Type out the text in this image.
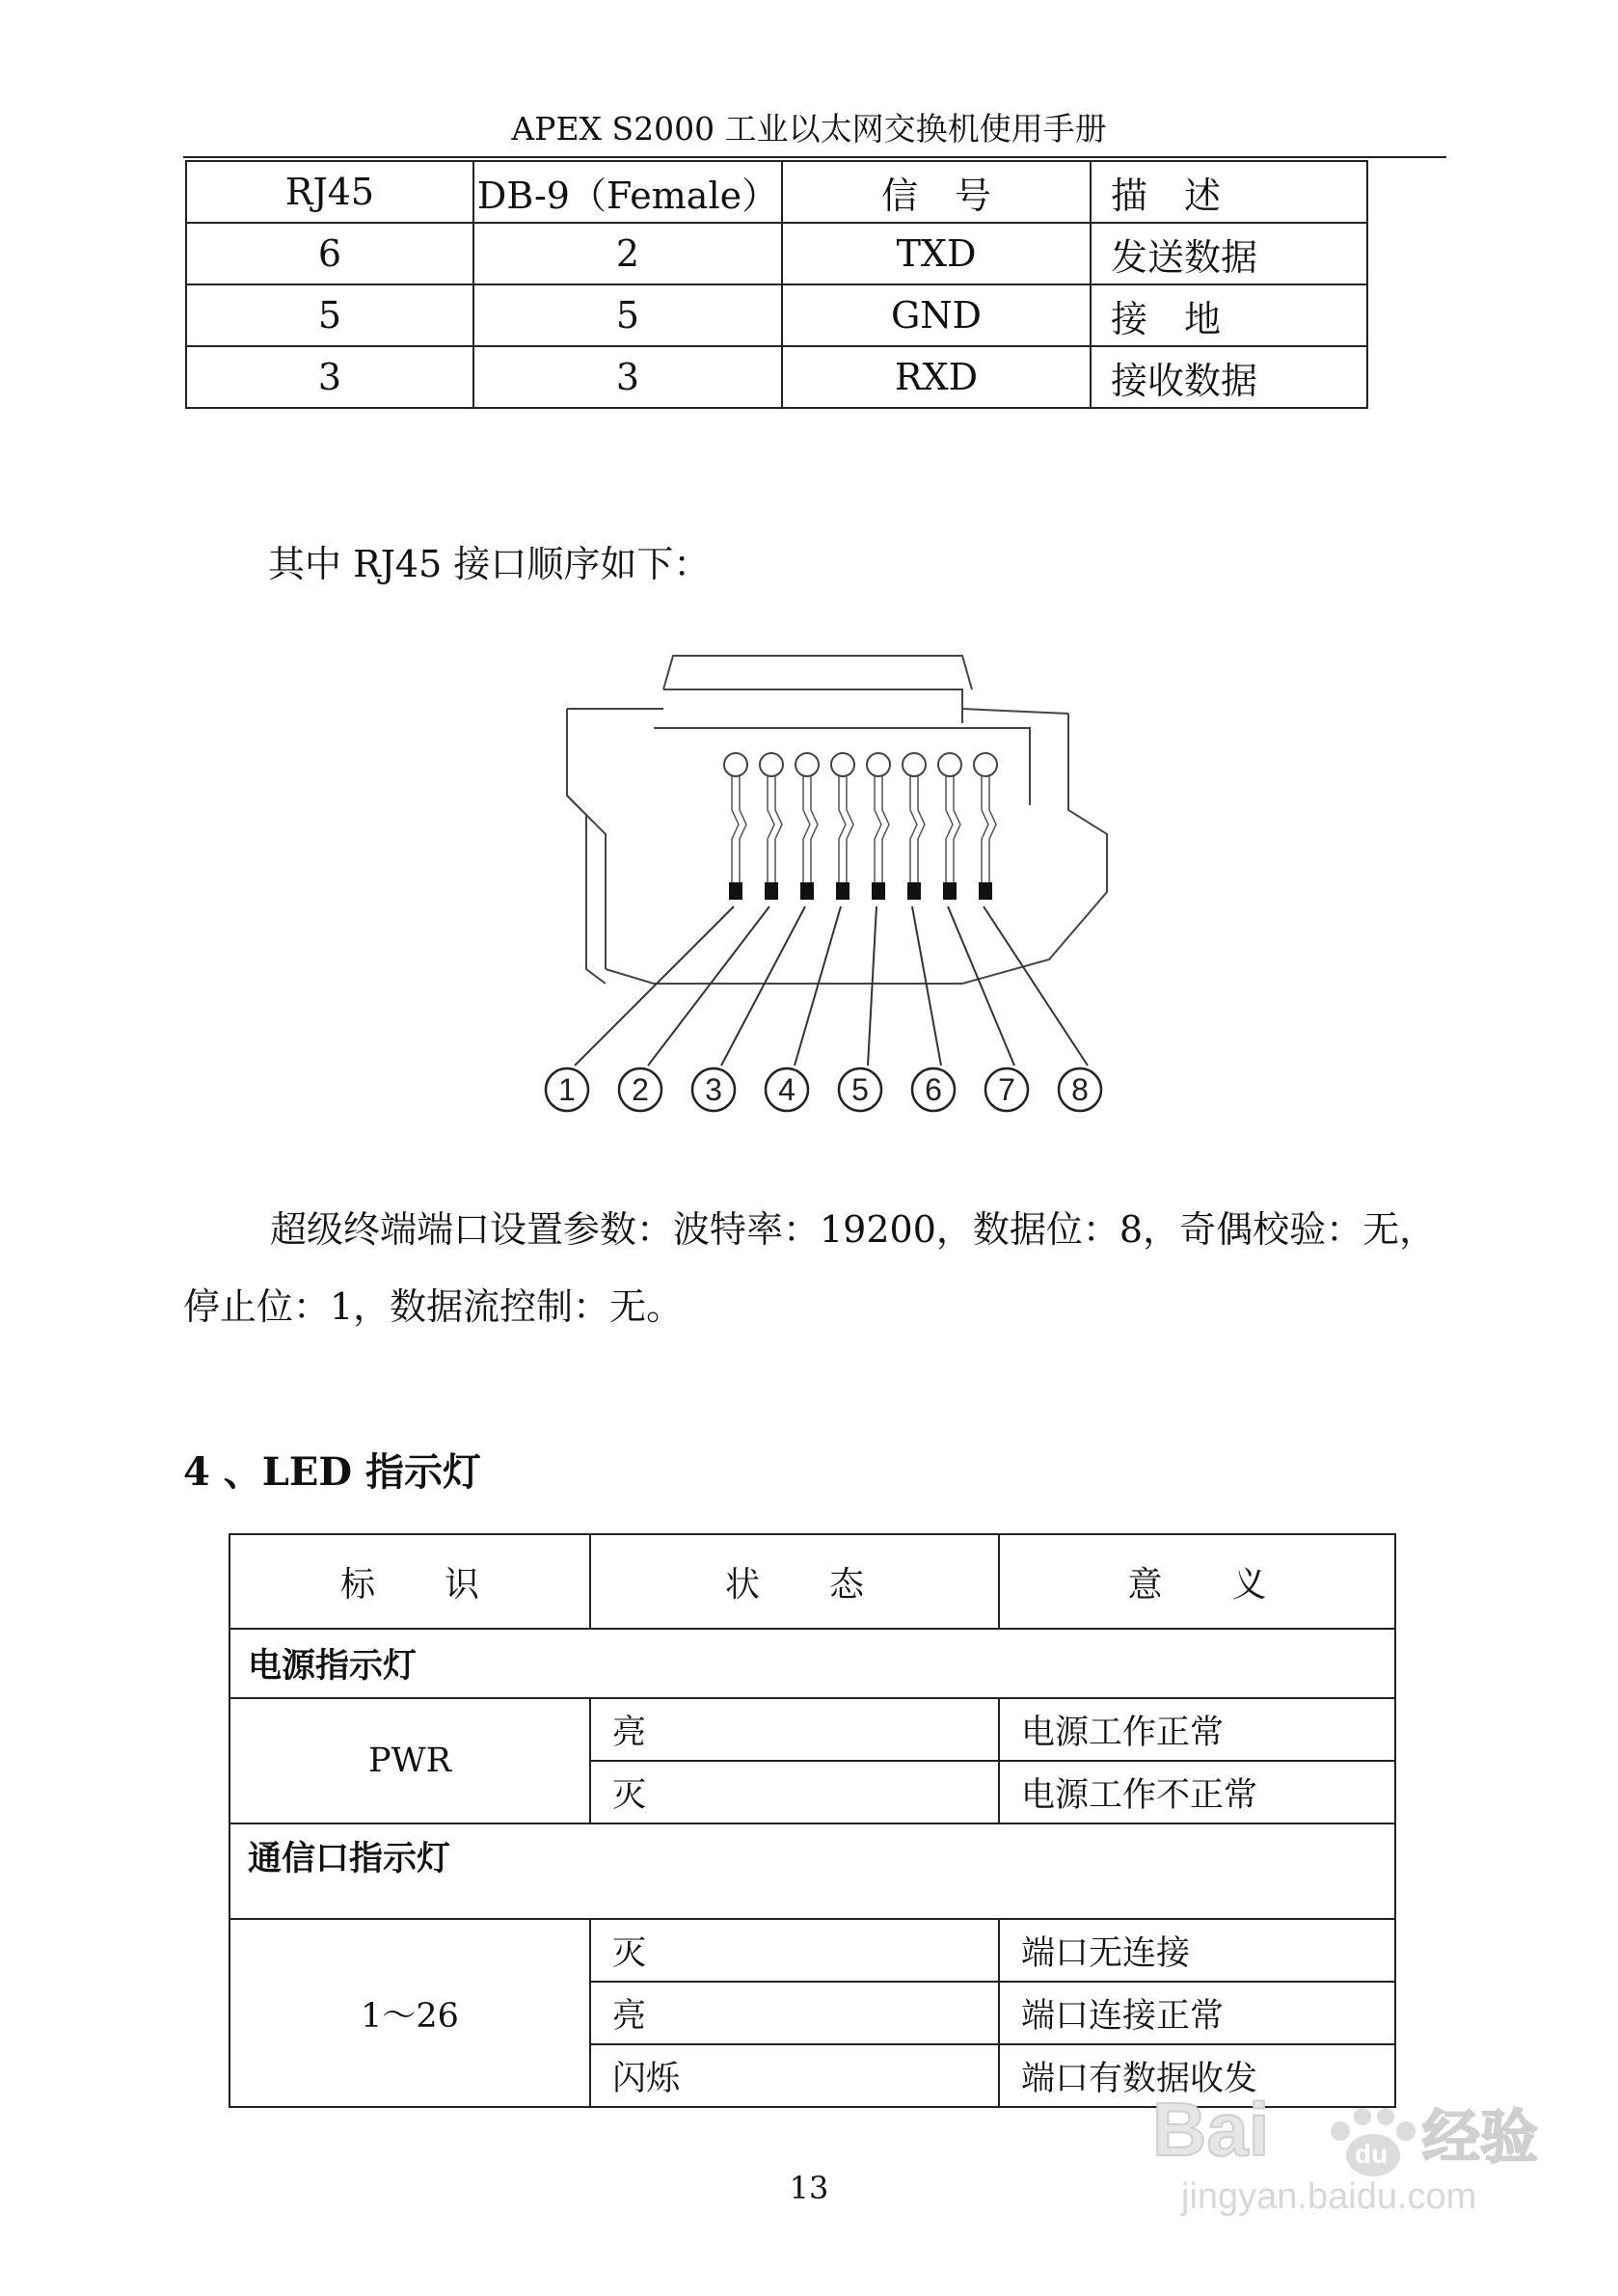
APEX S2000 工业以太网交换机使用手册
RJ45	DB-9（Female）	信　号	描　述
6	2	TXD	发送数据
5	5	GND	接　地
3	3	RXD	接收数据
其中 RJ45 接口顺序如下：
1 2 3 4 5 6 7 8
超级终端端口设置参数：波特率：19200，数据位：8，奇偶校验：无，停止位：1，数据流控制：无。
4 、LED 指示灯
标　　识	状　　态	意　　义
电源指示灯		
PWR	亮	电源工作正常
	灭	电源工作不正常
通信口指示灯		
1～26	灭	端口无连接
	亮	端口连接正常
	闪烁	端口有数据收发
13
Bai	du 经验
jingyan.baidu.com
